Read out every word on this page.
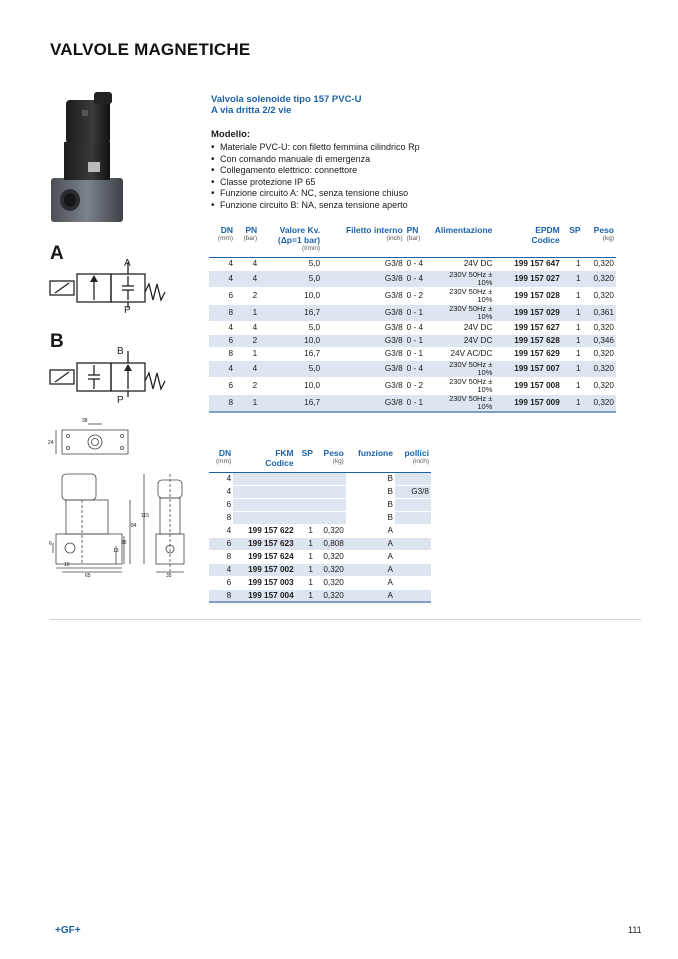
VALVOLE MAGNETICHE
Valvola solenoide tipo 157 PVC-U
A via dritta 2/2 vie
Modello:
• Materiale PVC-U: con filetto femmina cilindrico Rp
• Con comando manuale di emergenza
• Collegamento elettrico: connettore
• Classe protezione IP 65
• Funzione circuito A: NC, senza tensione chiuso
• Funzione circuito B: NA, senza tensione aperto
A
B
A
P
B
P
38
24
84
115
38
6
13
10
65	35
DN
(mm)	PN
(bar)	Valore Kv.
(Δp=1 bar)
(l/min)	Filetto interno
(inch)	PN
(bar)	Alimentazione	EPDM
Codice	SP	Peso
(kg)

4	4	5,0	G3/8	0 - 4	24V DC	199 157 647	1	0,320
4	4	5,0	G3/8	0 - 4	230V 50Hz ± 10%	199 157 027	1	0,320
6	2	10,0	G3/8	0 - 2	230V 50Hz ± 10%	199 157 028	1	0,320
8	1	16,7	G3/8	0 - 1	230V 50Hz ± 10%	199 157 029	1	0,361
4	4	5,0	G3/8	0 - 4	24V DC	199 157 627	1	0,320
6	2	10,0	G3/8	0 - 1	24V DC	199 157 628	1	0,346
8	1	16,7	G3/8	0 - 1	24V AC/DC	199 157 629	1	0,320
4	4	5,0	G3/8	0 - 4	230V 50Hz ± 10%	199 157 007	1	0,320
6	2	10,0	G3/8	0 - 2	230V 50Hz ± 10%	199 157 008	1	0,320
8	1	16,7	G3/8	0 - 1	230V 50Hz ± 10%	199 157 009	1	0,320
DN
(mm)	FKM
Codice	SP	Peso
(kg)	funzione	pollici
(inch)

4				B	
4				B	G3/8
6				B	
8				B	
4	199 157 622	1	0,320	A	
6	199 157 623	1	0,808	A	
8	199 157 624	1	0,320	A	
4	199 157 002	1	0,320	A	
6	199 157 003	1	0,320	A	
8	199 157 004	1	0,320	A	
+GF+	111
